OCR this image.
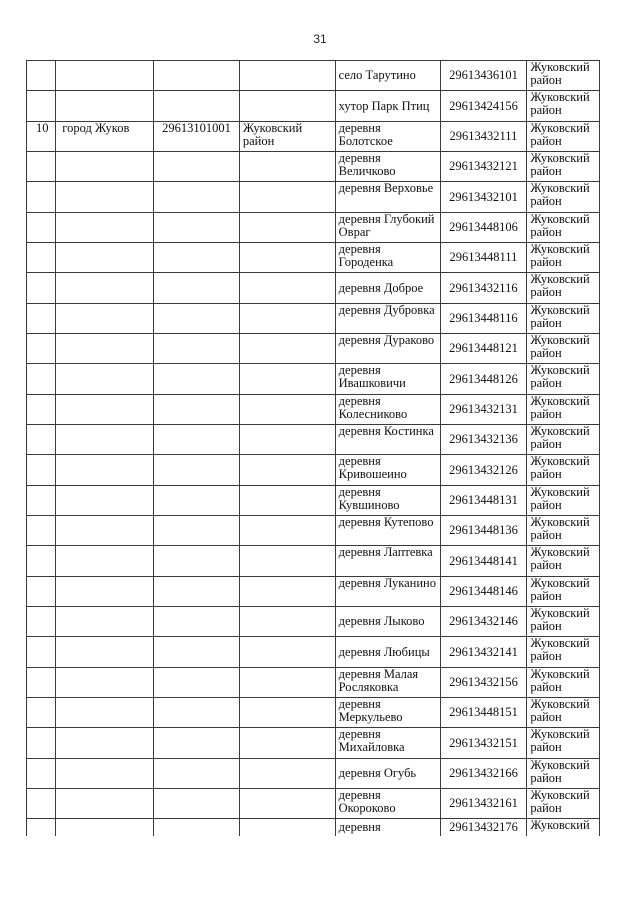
31
				село Тарутино	29613436101	Жуковский район
				хутор Парк Птиц	29613424156	Жуковский район
10	город Жуков	29613101001	Жуковский район	деревня Болотское	29613432111	Жуковский район
				деревня Величково	29613432121	Жуковский район
				деревня Верховье	29613432101	Жуковский район
				деревня Глубокий Овраг	29613448106	Жуковский район
				деревня Городенка	29613448111	Жуковский район
				деревня Доброе	29613432116	Жуковский район
				деревня Дубровка	29613448116	Жуковский район
				деревня Дураково	29613448121	Жуковский район
				деревня Ивашковичи	29613448126	Жуковский район
				деревня Колесниково	29613432131	Жуковский район
				деревня Костинка	29613432136	Жуковский район
				деревня Кривошеино	29613432126	Жуковский район
				деревня Кувшиново	29613448131	Жуковский район
				деревня Кутепово	29613448136	Жуковский район
				деревня Лаптевка	29613448141	Жуковский район
				деревня Луканино	29613448146	Жуковский район
				деревня Лыково	29613432146	Жуковский район
				деревня Любицы	29613432141	Жуковский район
				деревня Малая Росляковка	29613432156	Жуковский район
				деревня Меркульево	29613448151	Жуковский район
				деревня Михайловка	29613432151	Жуковский район
				деревня Огубь	29613432166	Жуковский район
				деревня Окороково	29613432161	Жуковский район
				деревня	29613432176	Жуковский
